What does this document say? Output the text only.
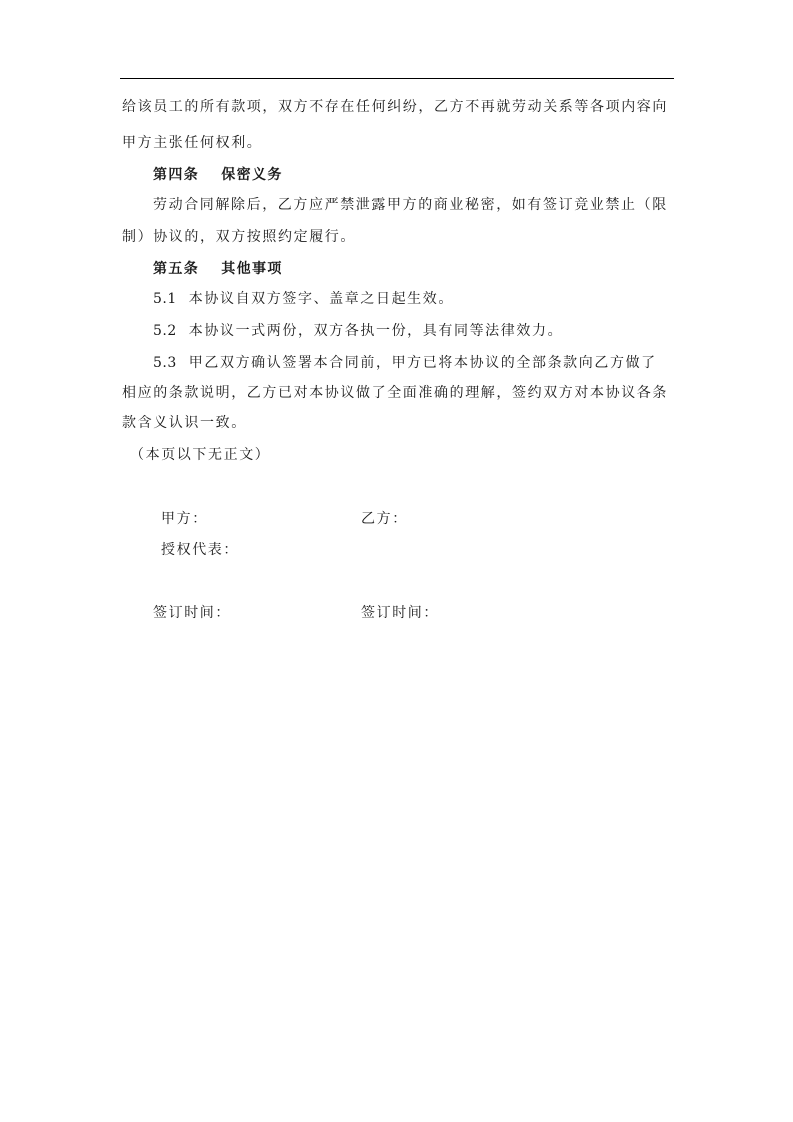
给该员工的所有款项，双方不存在任何纠纷，乙方不再就劳动关系等各项内容向
甲方主张任何权利。
第四条 保密义务
劳动合同解除后，乙方应严禁泄露甲方的商业秘密，如有签订竞业禁止（限
制）协议的，双方按照约定履行。
第五条 其他事项
5.1 本协议自双方签字、盖章之日起生效。
5.2 本协议一式两份，双方各执一份，具有同等法律效力。
5.3 甲乙双方确认签署本合同前，甲方已将本协议的全部条款向乙方做了
相应的条款说明，乙方已对本协议做了全面准确的理解，签约双方对本协议各条
款含义认识一致。
（本页以下无正文）
甲方：	乙方：
授权代表：
签订时间：	签订时间：
